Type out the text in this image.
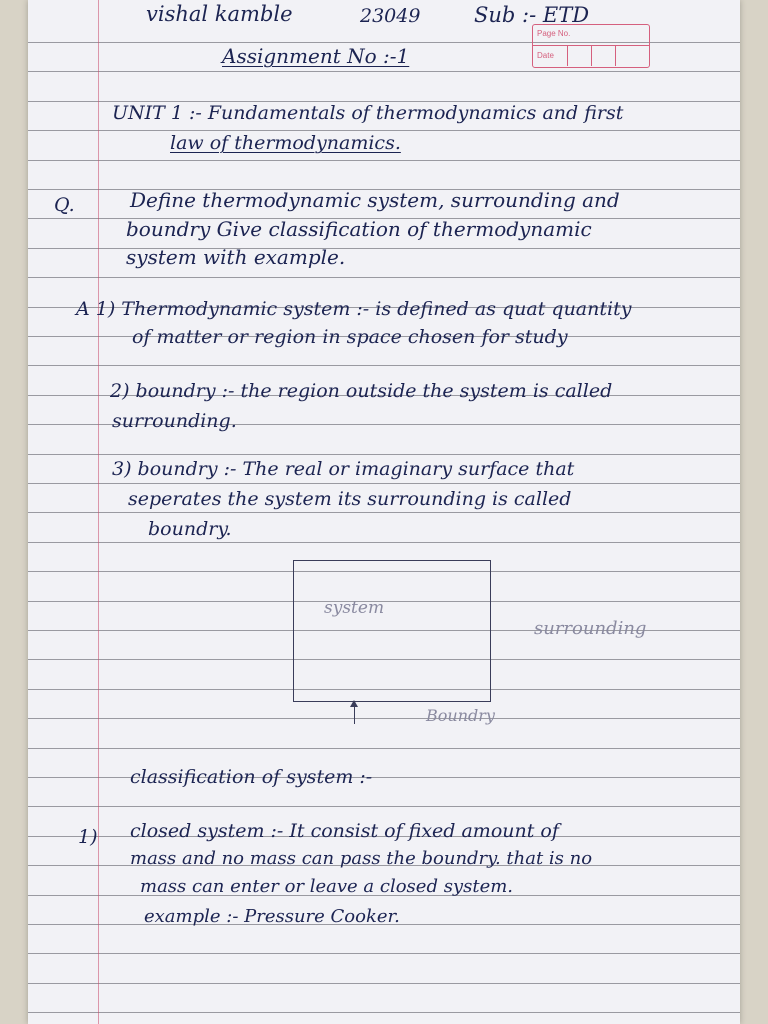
Page No.
Date
vishal kamble	23049	Sub :- ETD
Assignment No :-1
UNIT 1 :- Fundamentals of thermodynamics and first
law of thermodynamics.
Q.	Define thermodynamic system, surrounding and
boundry Give classification of thermodynamic
system with example.
A 1) Thermodynamic system :- is defined as quat quantity
of matter or region in space chosen for study
2) boundry :- the region outside the system is called
surrounding.
3) boundry :- The real or imaginary surface that
seperates the system its surrounding is called
boundry.
system
surrounding
Boundry
classification of system :-
1) closed system :- It consist of fixed amount of
mass and no mass can pass the boundry. that is no
mass can enter or leave a closed system.
example :- Pressure Cooker.
